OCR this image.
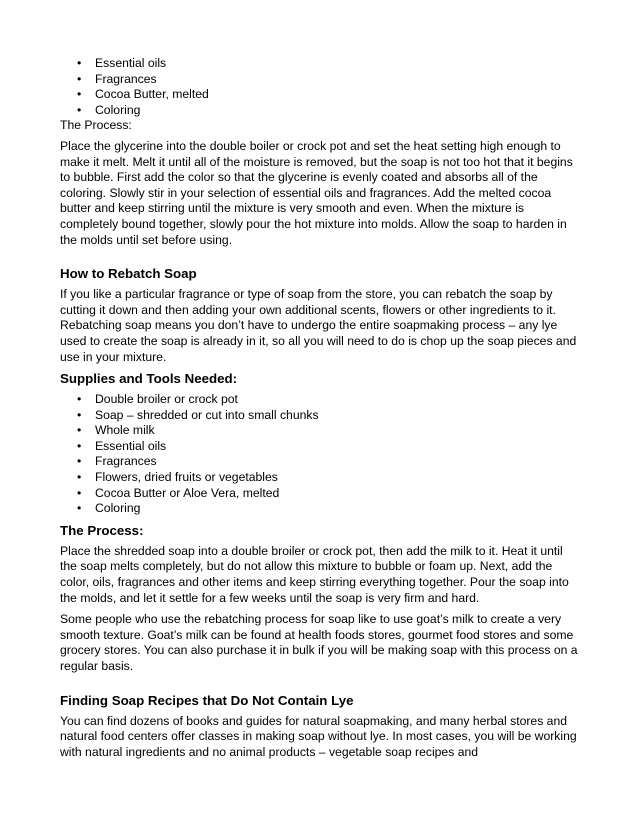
• Essential oils
• Fragrances
• Cocoa Butter, melted
• Coloring

The Process:

Place the glycerine into the double boiler or crock pot and set the heat setting high enough to make it melt. Melt it until all of the moisture is removed, but the soap is not too hot that it begins to bubble. First add the color so that the glycerine is evenly coated and absorbs all of the coloring. Slowly stir in your selection of essential oils and fragrances. Add the melted cocoa butter and keep stirring until the mixture is very smooth and even. When the mixture is completely bound together, slowly pour the hot mixture into molds. Allow the soap to harden in the molds until set before using.

How to Rebatch Soap

If you like a particular fragrance or type of soap from the store, you can rebatch the soap by cutting it down and then adding your own additional scents, flowers or other ingredients to it. Rebatching soap means you don’t have to undergo the entire soapmaking process – any lye used to create the soap is already in it, so all you will need to do is chop up the soap pieces and use in your mixture.

Supplies and Tools Needed:
• Double broiler or crock pot
• Soap – shredded or cut into small chunks
• Whole milk
• Essential oils
• Fragrances
• Flowers, dried fruits or vegetables
• Cocoa Butter or Aloe Vera, melted
• Coloring
The Process:

Place the shredded soap into a double broiler or crock pot, then add the milk to it. Heat it until the soap melts completely, but do not allow this mixture to bubble or foam up. Next, add the color, oils, fragrances and other items and keep stirring everything together. Pour the soap into the molds, and let it settle for a few weeks until the soap is very firm and hard.

Some people who use the rebatching process for soap like to use goat’s milk to create a very smooth texture. Goat’s milk can be found at health foods stores, gourmet food stores and some grocery stores. You can also purchase it in bulk if you will be making soap with this process on a regular basis.

Finding Soap Recipes that Do Not Contain Lye

You can find dozens of books and guides for natural soapmaking, and many herbal stores and natural food centers offer classes in making soap without lye. In most cases, you will be working with natural ingredients and no animal products – vegetable soap recipes and
